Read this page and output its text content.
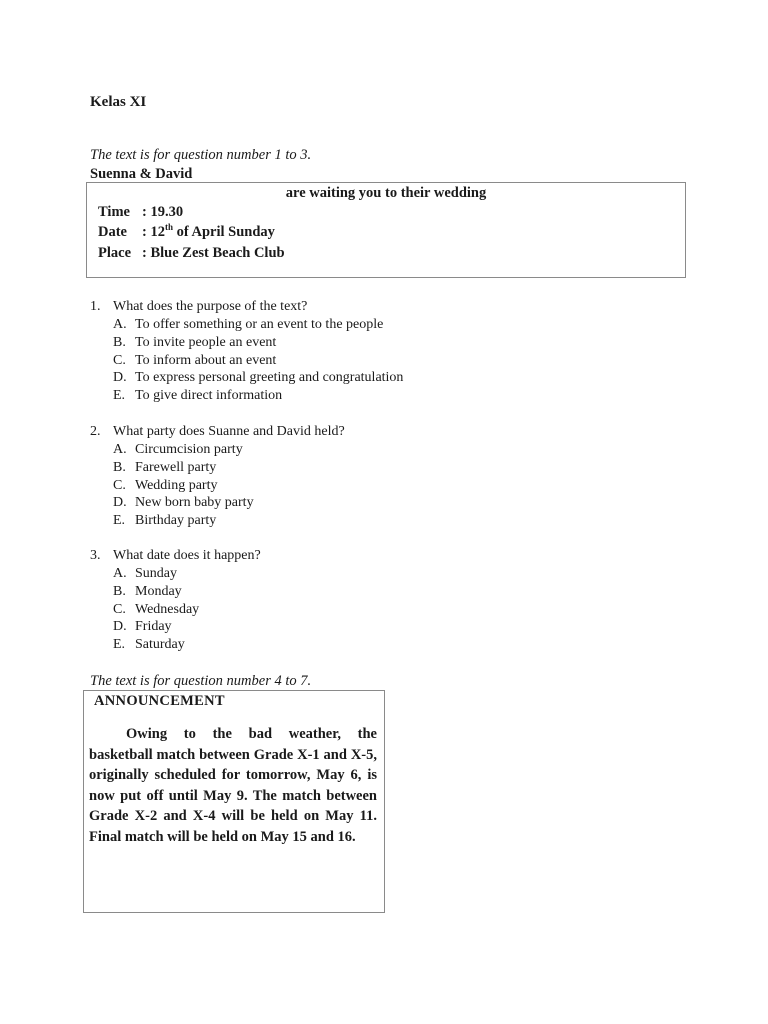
Kelas XI
The text is for question number 1 to 3.
Suenna & David
are waiting you to their wedding
Time : 19.30
Date : 12th of April Sunday
Place : Blue Zest Beach Club
1. What does the purpose of the text?
A. To offer something or an event to the people
B. To invite people an event
C. To inform about an event
D. To express personal greeting and congratulation
E. To give direct information
2. What party does Suanne and David held?
A. Circumcision party
B. Farewell party
C. Wedding party
D. New born baby party
E. Birthday party
3. What date does it happen?
A. Sunday
B. Monday
C. Wednesday
D. Friday
E. Saturday
The text is for question number 4 to 7.
ANNOUNCEMENT

Owing to the bad weather, the basketball match between Grade X-1 and X-5, originally scheduled for tomorrow, May 6, is now put off until May 9. The match between Grade X-2 and X-4 will be held on May 11. Final match will be held on May 15 and 16.
